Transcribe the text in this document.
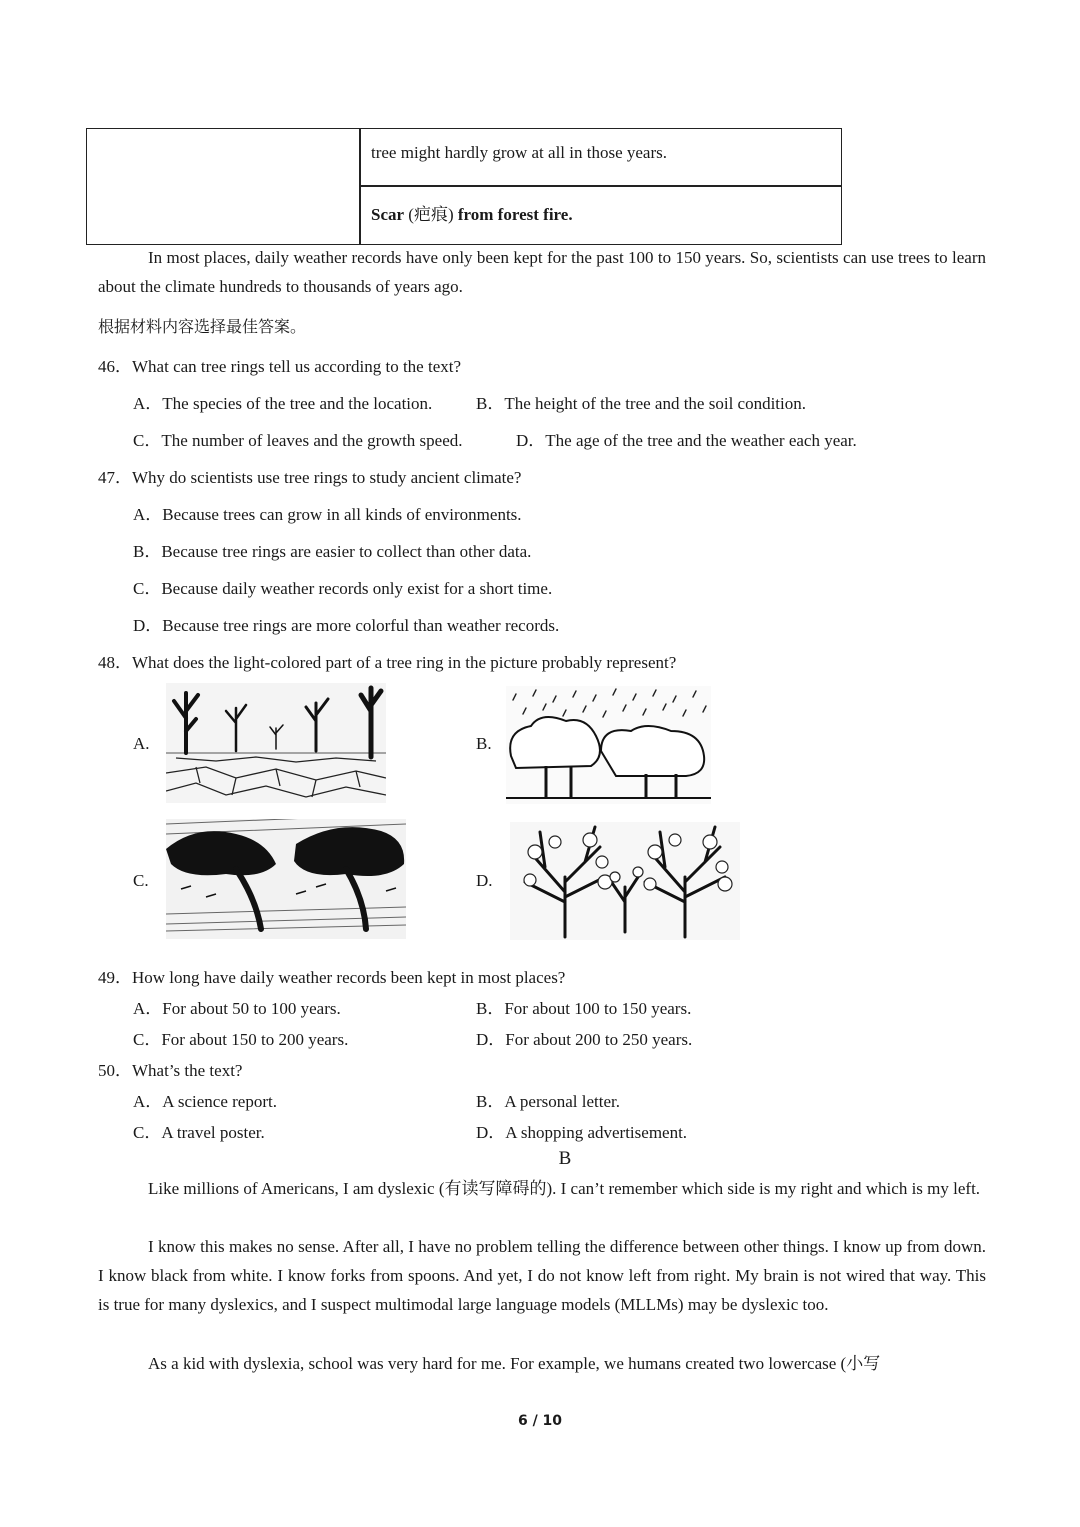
tree might hardly grow at all in those years.
Scar (疤痕) from forest fire.
In most places, daily weather records have only been kept for the past 100 to 150 years. So, scientists can use trees to learn about the climate hundreds to thousands of years ago.
根据材料内容选择最佳答案。
46．What can tree rings tell us according to the text?
A．The species of the tree and the location.	B．The height of the tree and the soil condition.
C．The number of leaves and the growth speed.	D．The age of the tree and the weather each year.
47．Why do scientists use tree rings to study ancient climate?
A．Because trees can grow in all kinds of environments.
B．Because tree rings are easier to collect than other data.
C．Because daily weather records only exist for a short time.
D．Because tree rings are more colorful than weather records.
48．What does the light-colored part of a tree ring in the picture probably represent?
A.	B.
C.	D.
49．How long have daily weather records been kept in most places?
A．For about 50 to 100 years.	B．For about 100 to 150 years.
C．For about 150 to 200 years.	D．For about 200 to 250 years.
50．What’s the text?
A．A science report.	B．A personal letter.
C．A travel poster.	D．A shopping advertisement.
B
Like millions of Americans, I am dyslexic (有读写障碍的). I can’t remember which side is my right and which is my left.
I know this makes no sense. After all, I have no problem telling the difference between other things. I know up from down. I know black from white. I know forks from spoons. And yet, I do not know left from right. My brain is not wired that way. This is true for many dyslexics, and I suspect multimodal large language models (MLLMs) may be dyslexic too.
As a kid with dyslexia, school was very hard for me. For example, we humans created two lowercase (小写
6 / 10
